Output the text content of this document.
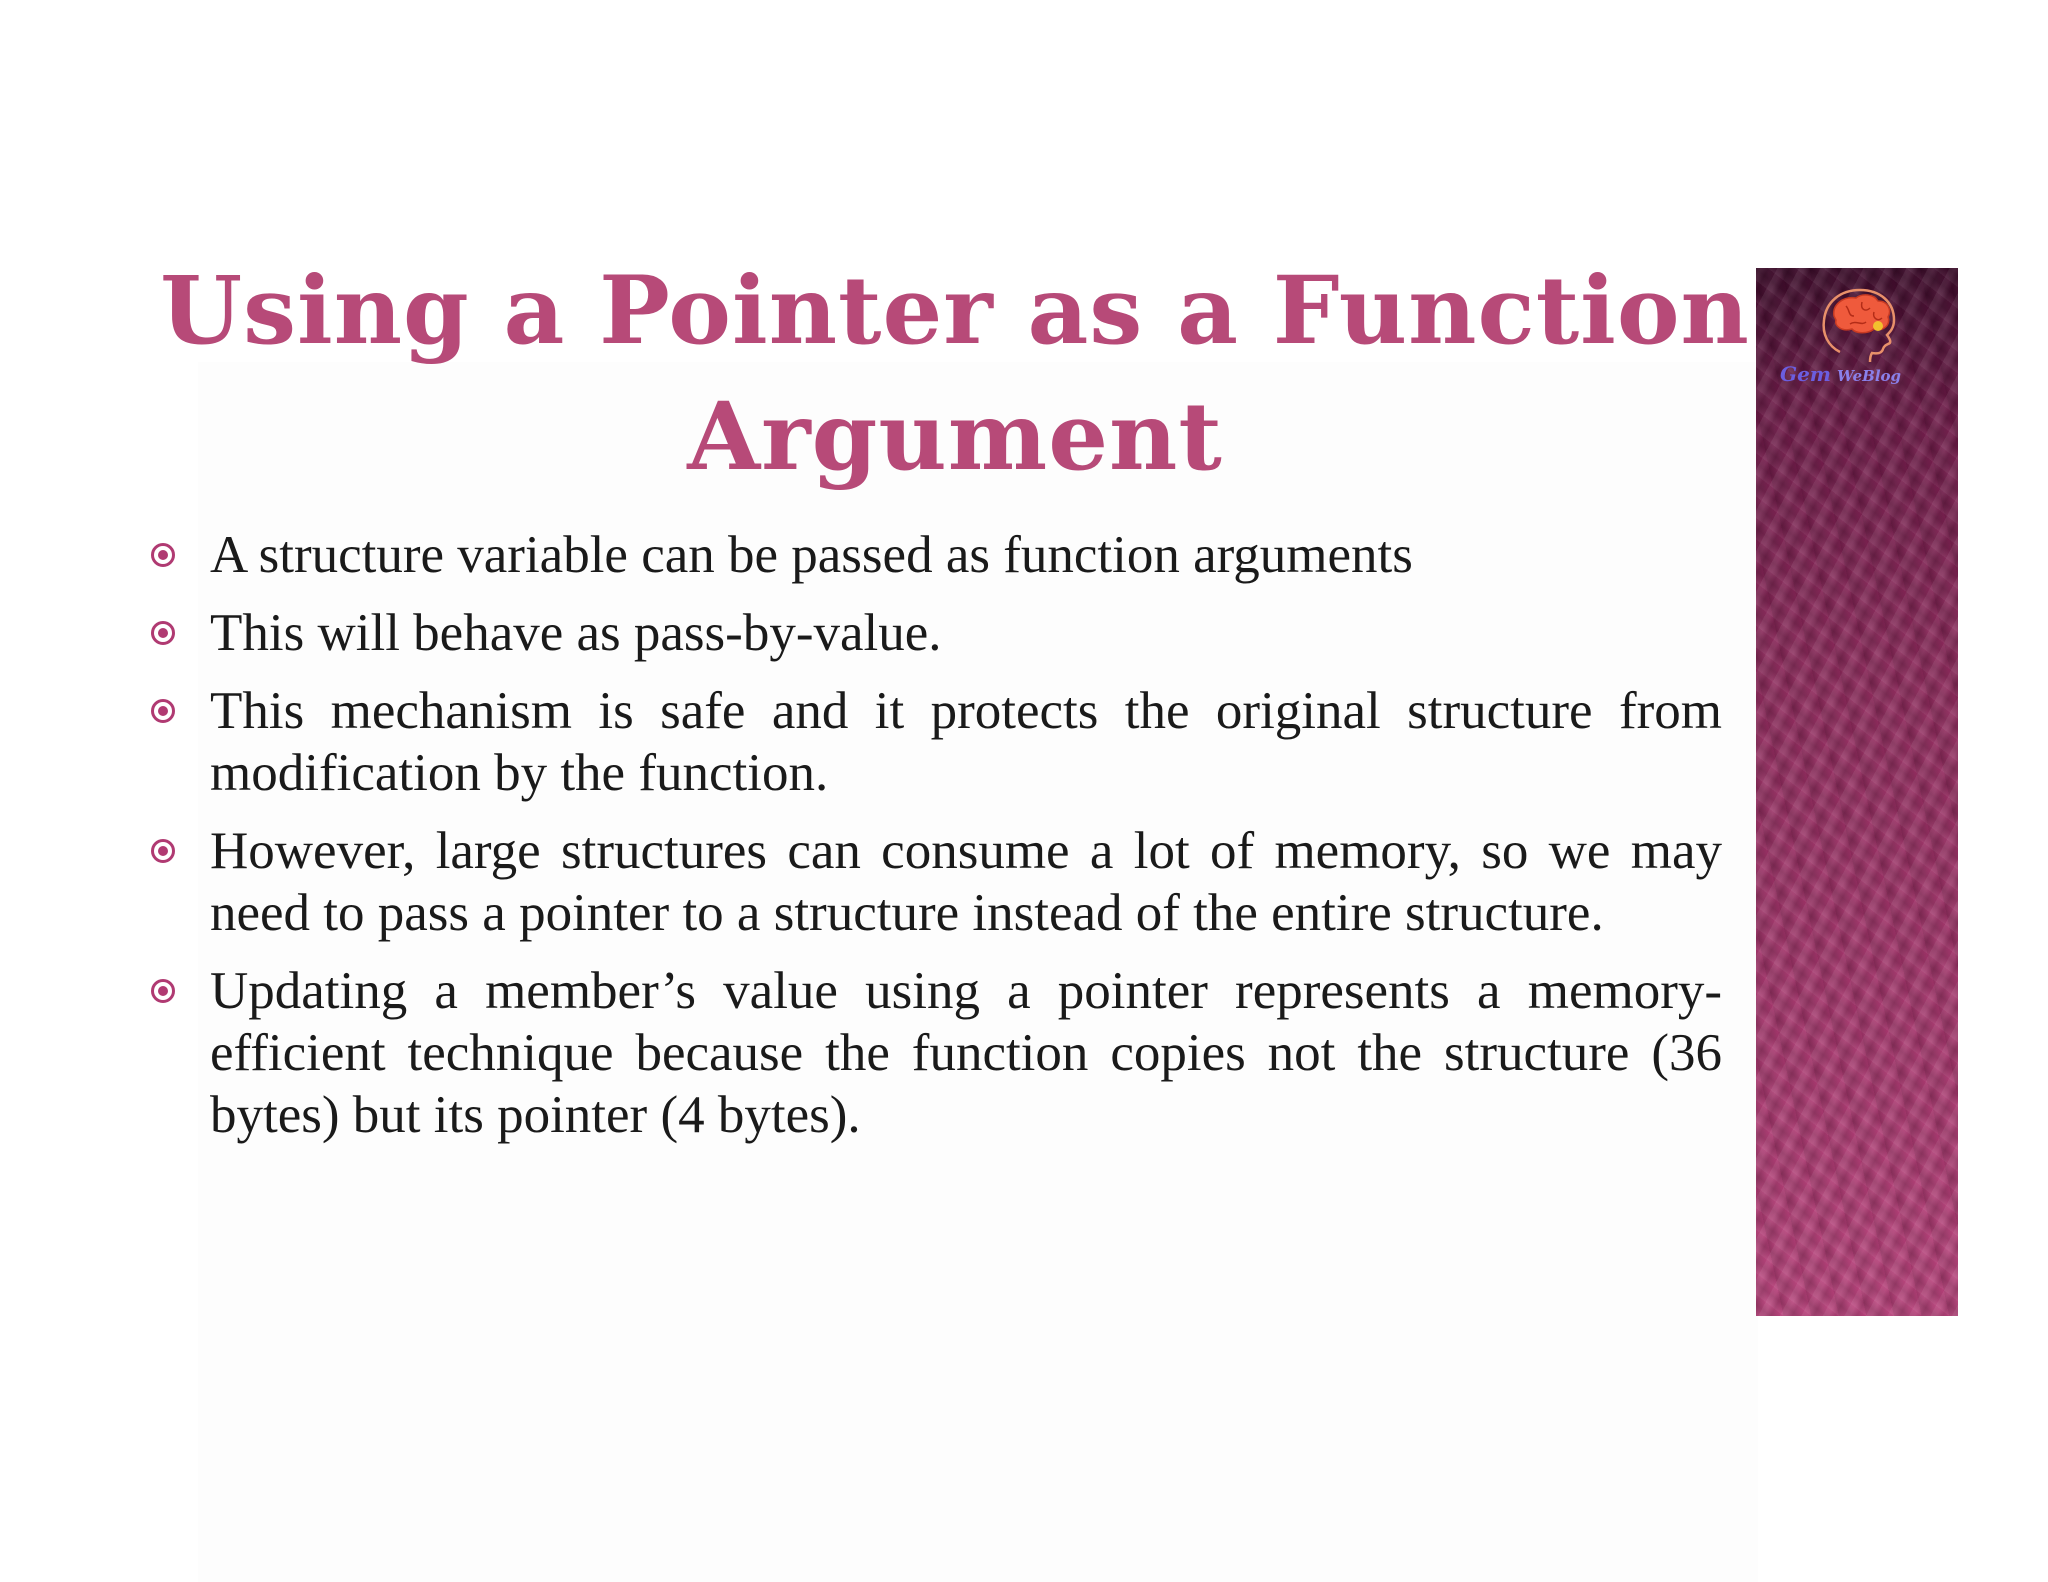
Using a Pointer as a Function Argument
A structure variable can be passed as function arguments
This will behave as pass-by-value.
This mechanism is safe and it protects the original structure from modification by the function.
However, large structures can consume a lot of memory, so we may need to pass a pointer to a structure instead of the entire structure.
Updating a member’s value using a pointer represents a memory-efficient technique because the function copies not the structure (36 bytes) but its pointer (4 bytes).
Gem WeBlog
